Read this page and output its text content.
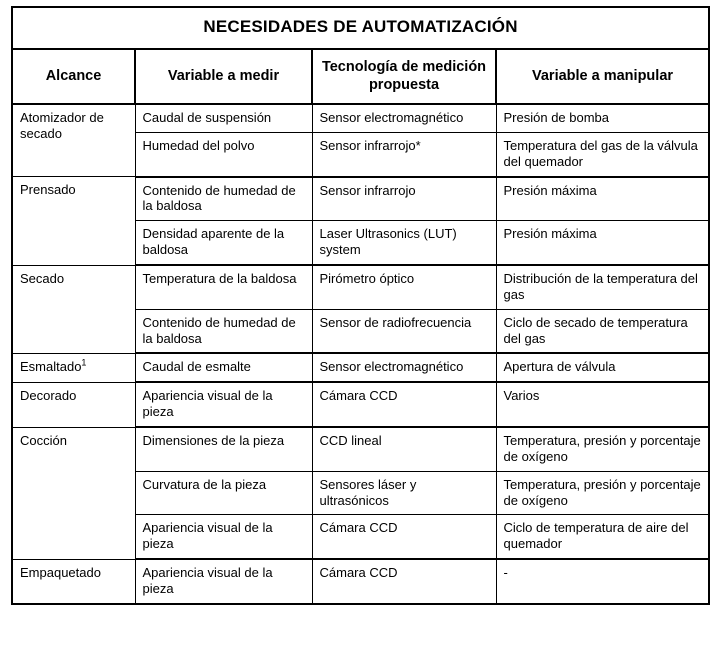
NECESIDADES DE AUTOMATIZACIÓN			
Alcance	Variable a medir	Tecnología de medición propuesta	Variable a manipular
Atomizador de secado	Caudal de suspensión	Sensor electromagnético	Presión de bomba
	Humedad del polvo	Sensor infrarrojo*	Temperatura del gas de la válvula del quemador
Prensado	Contenido de humedad de la baldosa	Sensor infrarrojo	Presión máxima
	Densidad aparente de la baldosa	Laser Ultrasonics (LUT) system	Presión máxima
Secado	Temperatura de la baldosa	Pirómetro óptico	Distribución de la temperatura del gas
	Contenido de humedad de la baldosa	Sensor de radiofrecuencia	Ciclo de secado de temperatura del gas
Esmaltado$^1$	Caudal de esmalte	Sensor electromagnético	Apertura de válvula
Decorado	Apariencia visual de la pieza	Cámara CCD	Varios
Cocción	Dimensiones de la pieza	CCD lineal	Temperatura, presión y porcentaje de oxígeno
	Curvatura de la pieza	Sensores láser y ultrasónicos	Temperatura, presión y porcentaje de oxígeno
	Apariencia visual de la pieza	Cámara CCD	Ciclo de temperatura de aire del quemador
Empaquetado	Apariencia visual de la pieza	Cámara CCD	-
